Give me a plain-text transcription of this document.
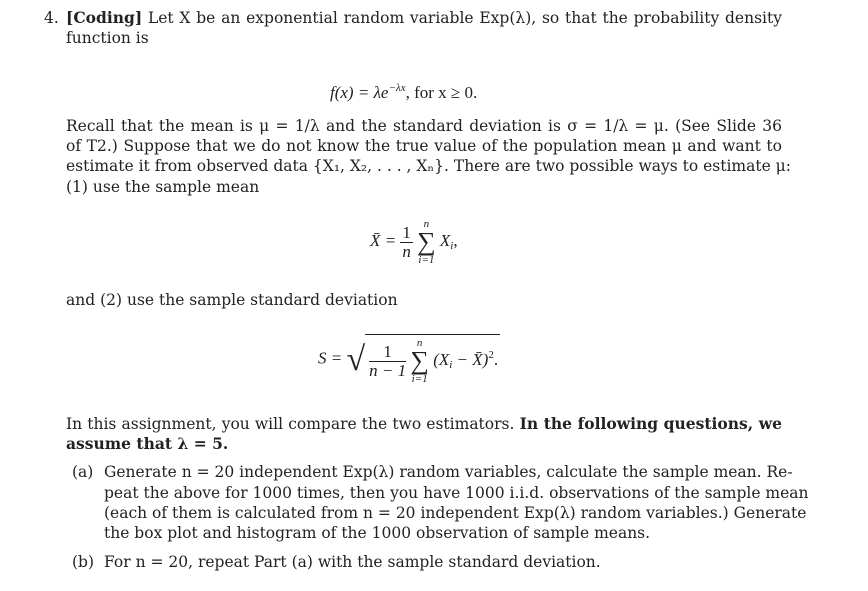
4. [Coding] Let X be an exponential random variable Exp(λ), so that the probability density
function is
$f(x) = \lambda e^{-\lambda x}$, for x ≥ 0.
Recall that the mean is μ = 1/λ and the standard deviation is σ = 1/λ = μ. (See Slide 36
of T2.) Suppose that we do not know the true value of the population mean μ and want to
estimate it from observed data {X₁, X₂, . . . , Xₙ}. There are two possible ways to estimate μ:
(1) use the sample mean
X̄ = $\frac{1}{n}$
n
∑
i=1
$X_i$,
and (2) use the sample standard deviation
S = √ $\frac{1}{n - 1}$
n
∑
i=1
($X_i$ − X̄)$^2$.
In this assignment, you will compare the two estimators. In the following questions, we
assume that λ = 5.
(a) Generate n = 20 independent Exp(λ) random variables, calculate the sample mean. Re-
peat the above for 1000 times, then you have 1000 i.i.d. observations of the sample mean
(each of them is calculated from n = 20 independent Exp(λ) random variables.) Generate
the box plot and histogram of the 1000 observation of sample means.
(b) For n = 20, repeat Part (a) with the sample standard deviation.
